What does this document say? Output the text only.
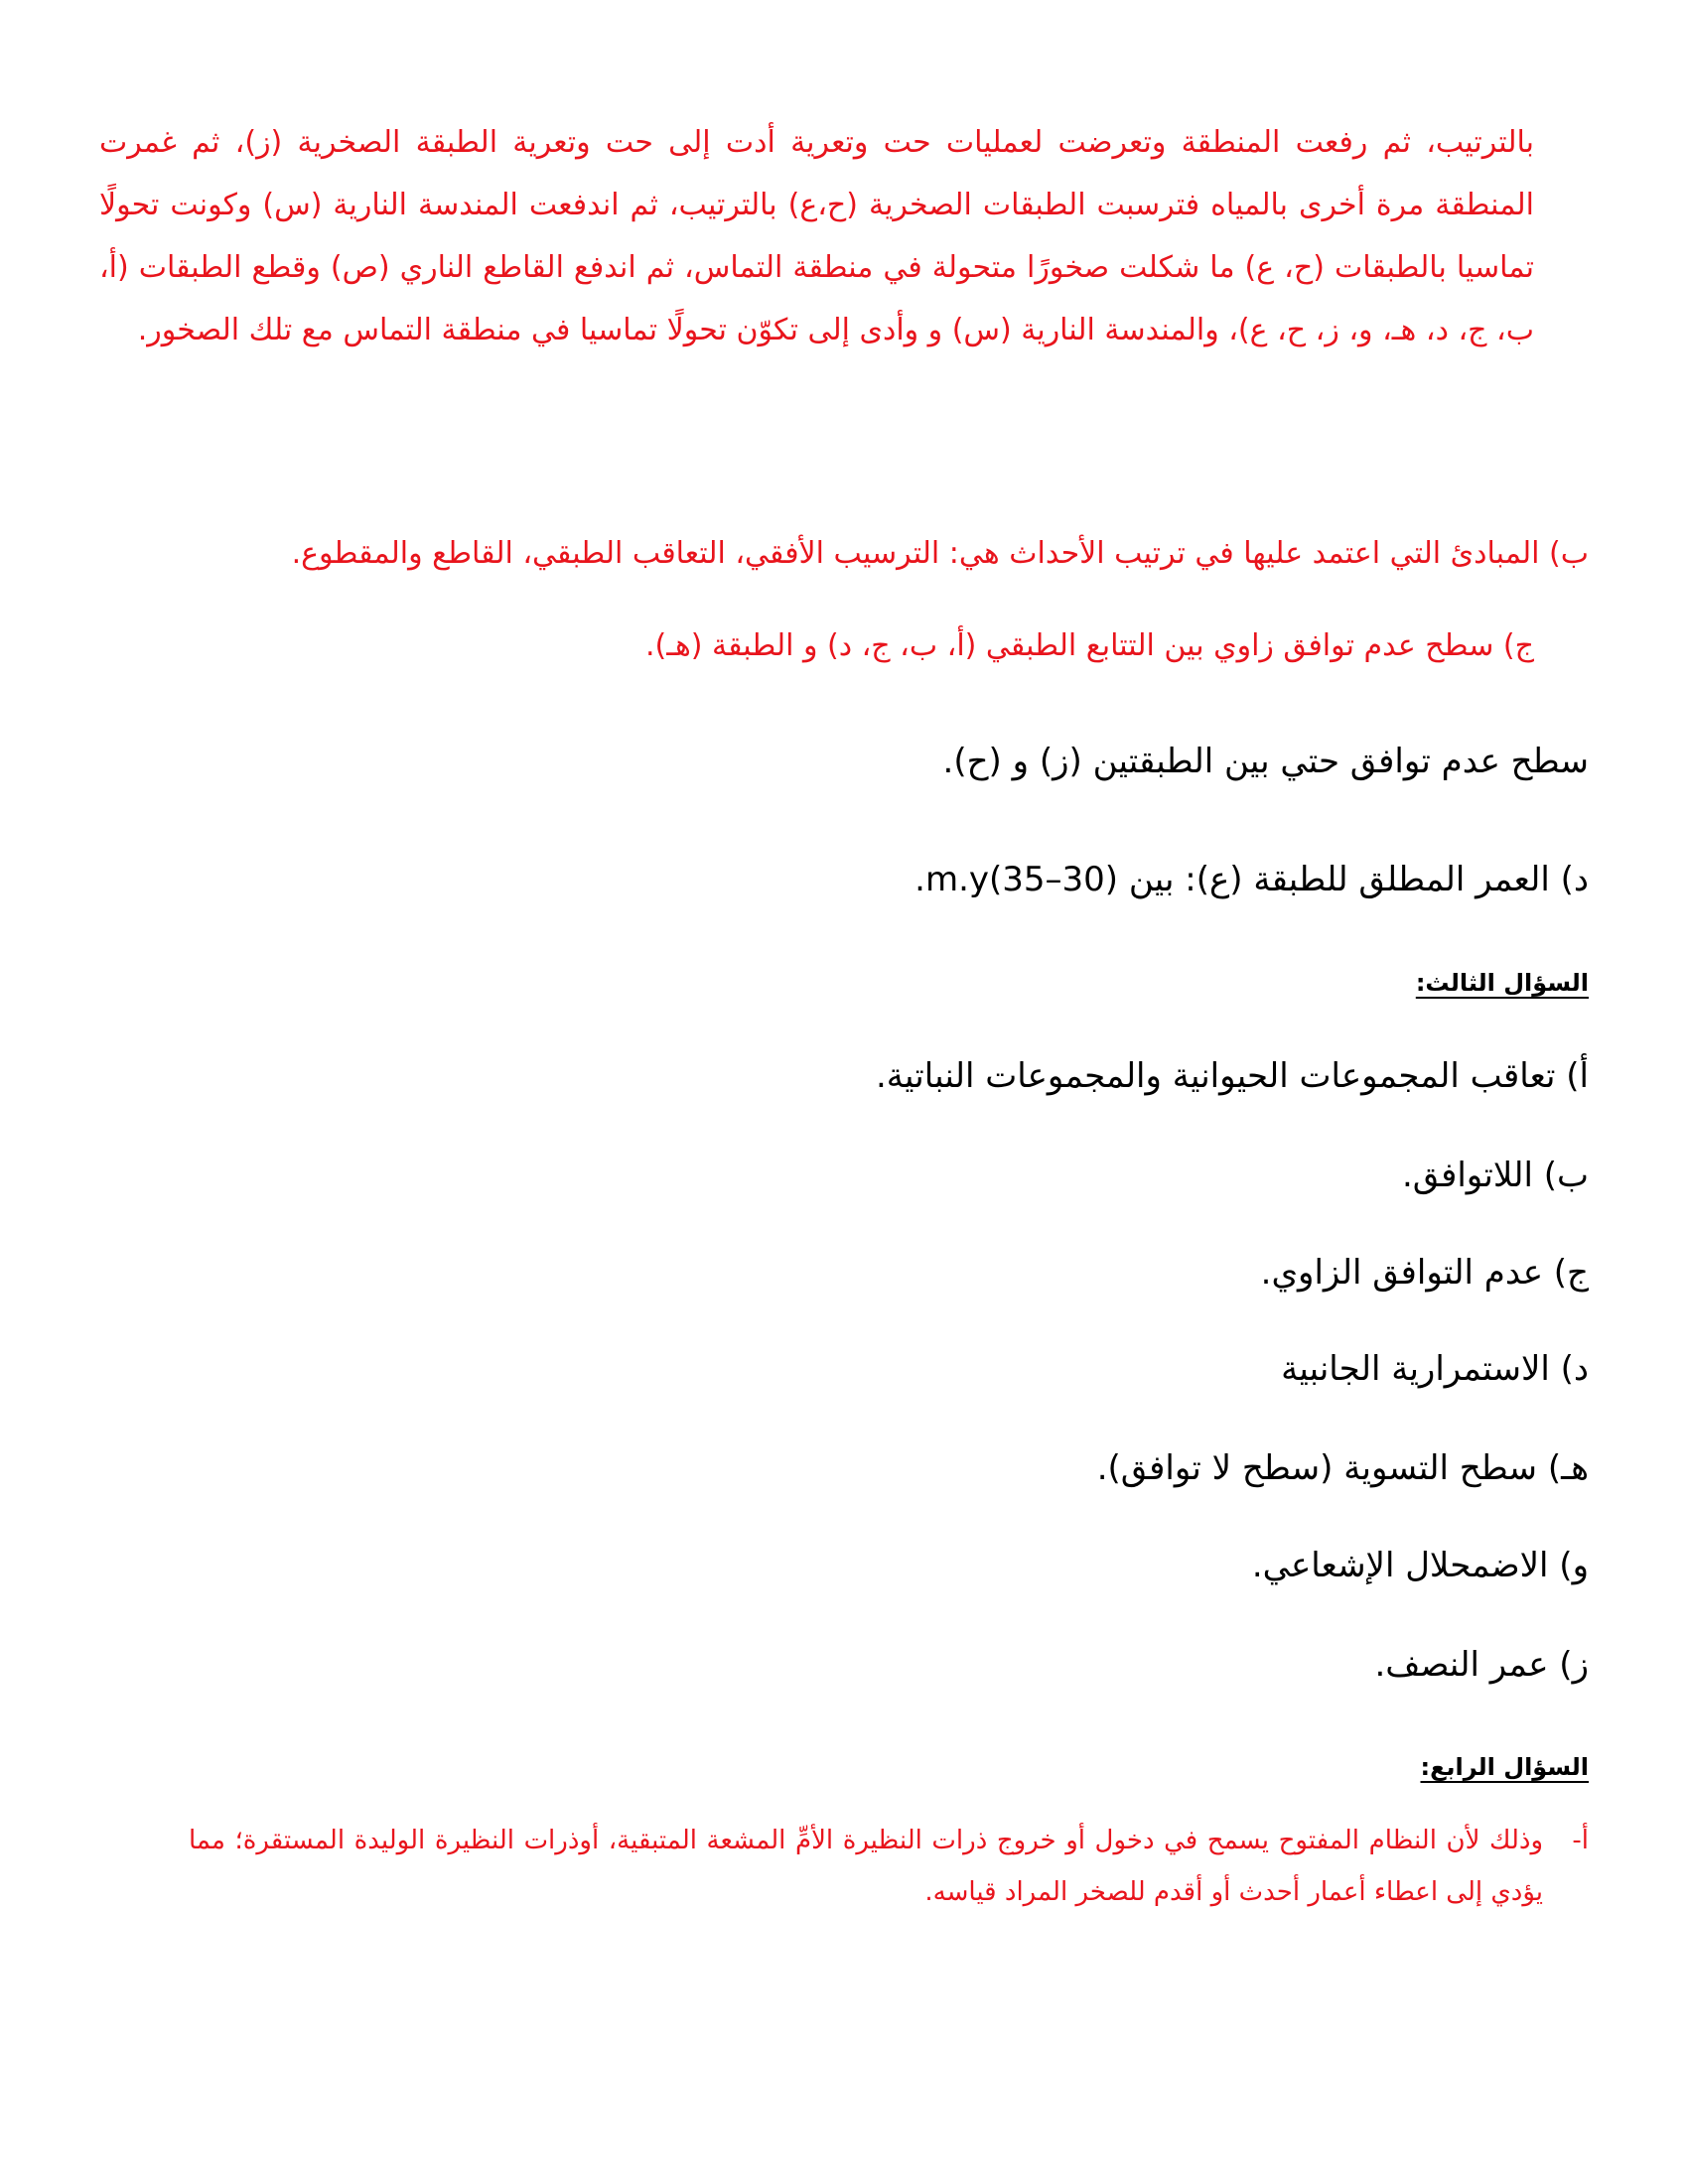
بالترتيب، ثم رفعت المنطقة وتعرضت لعمليات حت وتعرية أدت إلى حت وتعرية الطبقة الصخرية (ز)، ثم غمرت المنطقة مرة أخرى بالمياه فترسبت الطبقات الصخرية (ح،ع) بالترتيب، ثم اندفعت المندسة النارية (س) وكونت تحولًا تماسيا بالطبقات (ح، ع) ما شكلت صخورًا متحولة في منطقة التماس، ثم اندفع القاطع الناري (ص) وقطع الطبقات (أ، ب، ج، د، هـ، و، ز، ح، ع)، والمندسة النارية (س) و وأدى إلى تكوّن تحولًا تماسيا في منطقة التماس مع تلك الصخور.

ب) المبادئ التي اعتمد عليها في ترتيب الأحداث هي: الترسيب الأفقي، التعاقب الطبقي، القاطع والمقطوع.

ج) سطح عدم توافق زاوي بين التتابع الطبقي (أ، ب، ج، د) و الطبقة (هـ).

سطح عدم توافق حتي بين الطبقتين (ز) و (ح).

د) العمر المطلق للطبقة (ع): بين m.y(35–30).

السؤال الثالث:

أ) تعاقب المجموعات الحيوانية والمجموعات النباتية.

ب) اللاتوافق.

ج) عدم التوافق الزاوي.

د) الاستمرارية الجانبية

هـ) سطح التسوية (سطح لا توافق).

و) الاضمحلال الإشعاعي.

ز) عمر النصف.

السؤال الرابع:

أ-

وذلك لأن النظام المفتوح يسمح في دخول أو خروج ذرات النظيرة الأمِّ المشعة المتبقية، أوذرات النظيرة الوليدة المستقرة؛ مما يؤدي إلى اعطاء أعمار أحدث أو أقدم للصخر المراد قياسه.
